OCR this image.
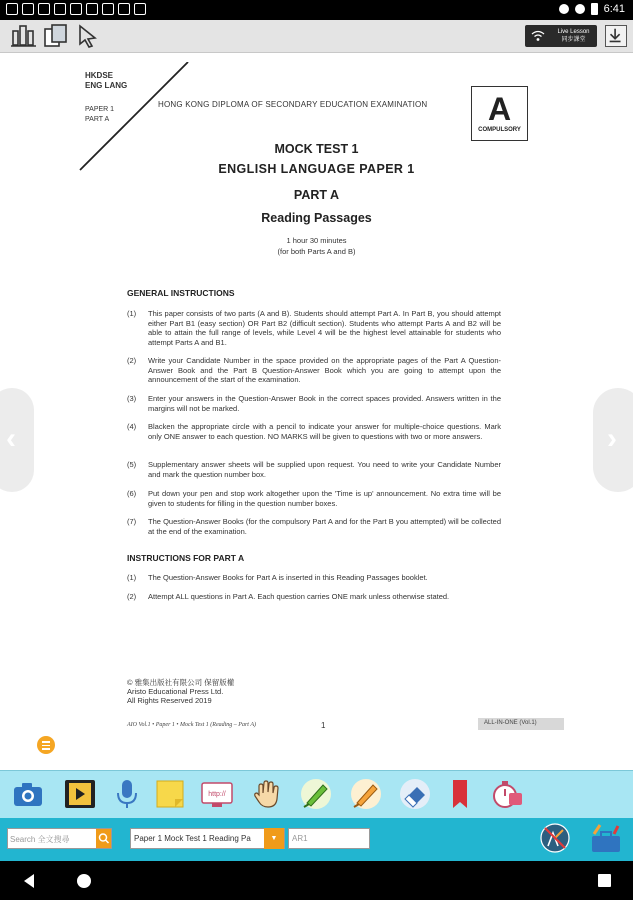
6:41
Live Lesson
同步課堂
HKDSE
ENG LANG
PAPER 1
PART A
HONG KONG DIPLOMA OF SECONDARY EDUCATION EXAMINATION	A
COMPULSORY
MOCK TEST 1
ENGLISH LANGUAGE PAPER 1
PART A
Reading Passages
1 hour 30 minutes
(for both Parts A and B)
GENERAL INSTRUCTIONS
(1) This paper consists of two parts (A and B). Students should attempt Part A. In Part B, you should attempt either Part B1 (easy section) OR Part B2 (difficult section). Students who attempt Parts A and B2 will be able to attain the full range of levels, while Level 4 will be the highest level attainable for students who attempt Parts A and B1.
(2) Write your Candidate Number in the space provided on the appropriate pages of the Part A Question-Answer Book and the Part B Question-Answer Book which you are going to attempt upon the announcement of the start of the examination.
(3) Enter your answers in the Question-Answer Book in the correct spaces provided. Answers written in the margins will not be marked.
(4) Blacken the appropriate circle with a pencil to indicate your answer for multiple-choice questions. Mark only ONE answer to each question. NO MARKS will be given to questions with two or more answers.
(5) Supplementary answer sheets will be supplied upon request. You need to write your Candidate Number and mark the question number box.
(6) Put down your pen and stop work altogether upon the 'Time is up' announcement. No extra time will be given to students for filling in the question number boxes.
(7) The Question-Answer Books (for the compulsory Part A and for the Part B you attempted) will be collected at the end of the examination.
INSTRUCTIONS FOR PART A
(1) The Question-Answer Books for Part A is inserted in this Reading Passages booklet.
(2) Attempt ALL questions in Part A. Each question carries ONE mark unless otherwise stated.
© 雅集出版社有限公司 保留版權
Aristo Educational Press Ltd.
All Rights Reserved 2019
AIO Vol.1 • Paper 1 • Mock Test 1 (Reading – Part A)	1	ALL-IN-ONE (Vol.1)
‹	›
http://
Search 全文搜尋	Paper 1 Mock Test 1 Reading Pa	▼	AR1
